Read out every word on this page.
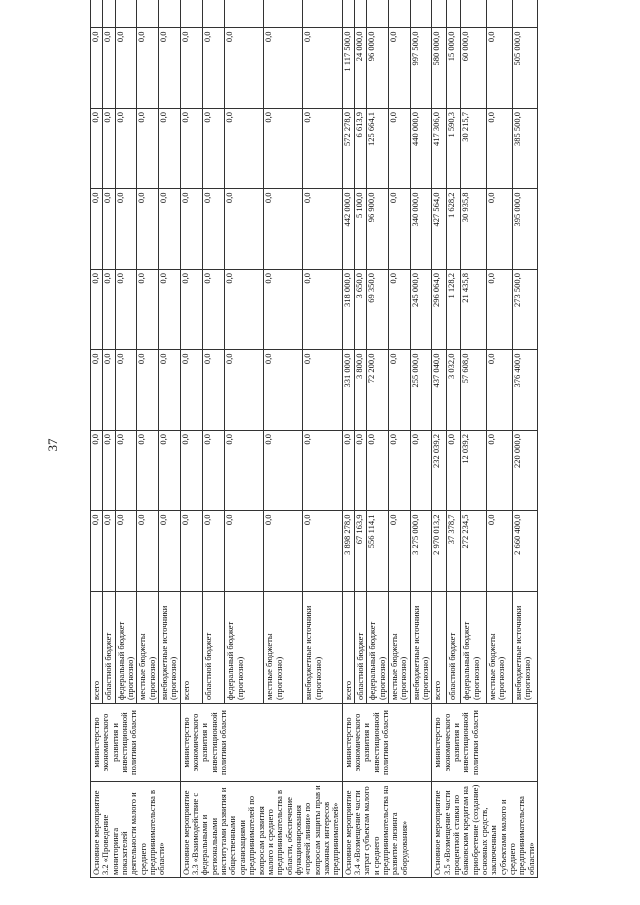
37
Основное мероприятие 3.2 «Проведение мониторинга показателей деятельности малого и среднего предпринимательства в области»	министерство экономического развития и инвестиционной политики области	всего	0,0	0,0	0,0	0,0	0,0	0,0	0,0	
		областной бюджет	0,0	0,0	0,0	0,0	0,0	0,0	0,0	
		федеральный бюджет (прогнозно)	0,0	0,0	0,0	0,0	0,0	0,0	0,0	
		местные бюджеты (прогнозно)	0,0	0,0	0,0	0,0	0,0	0,0	0,0	
		внебюджетные источники (прогнозно)	0,0	0,0	0,0	0,0	0,0	0,0	0,0	
Основное мероприятие 3.3 «Взаимодействие с федеральными и региональными институтами развития и общественными организациями предпринимателей по вопросам развития малого и среднего предпринимательства в области, обеспечение функционирования «горячей линии» по вопросам защиты прав и законных интересов предпринимателей»	министерство экономического развития и инвестиционной политики области	всего	0,0	0,0	0,0	0,0	0,0	0,0	0,0	
		областной бюджет	0,0	0,0	0,0	0,0	0,0	0,0	0,0	
		федеральный бюджет (прогнозно)	0,0	0,0	0,0	0,0	0,0	0,0	0,0	
		местные бюджеты (прогнозно)	0,0	0,0	0,0	0,0	0,0	0,0	0,0	
		внебюджетные источники (прогнозно)	0,0	0,0	0,0	0,0	0,0	0,0	0,0	
Основное мероприятие 3.4 «Возмещение части затрат субъектам малого и среднего предпринимательства на развитие лизинга оборудования»	министерство экономического развития и инвестиционной политики области	всего	3 898 278,0	0,0	331 000,0	318 000,0	442 000,0	572 278,0	1 117 500,0	
		областной бюджет	67 163,9	0,0	3 800,0	3 650,0	5 100,0	6 613,9	24 000,0	
		федеральный бюджет (прогнозно)	556 114,1	0,0	72 200,0	69 350,0	96 900,0	125 664,1	96 000,0	
		местные бюджеты (прогнозно)	0,0	0,0	0,0	0,0	0,0	0,0	0,0	
		внебюджетные источники (прогнозно)	3 275 000,0	0,0	255 000,0	245 000,0	340 000,0	440 000,0	997 500,0	
Основное мероприятие 3.5 «Возмещение части процентной ставки по банковским кредитам на приобретение (создание) основных средств, заключенным субъектами малого и среднего предпринимательства области»	министерство экономического развития и инвестиционной политики области	всего	2 970 013,2	232 039,2	437 040,0	296 064,0	427 564,0	417 306,0	580 000,0	
		областной бюджет	37 378,7	0,0	3 032,0	1 128,2	1 628,2	1 590,3	15 000,0	
		федеральный бюджет (прогнозно)	272 234,5	12 039,2	57 608,0	21 435,8	30 935,8	30 215,7	60 000,0	
		местные бюджеты (прогнозно)	0,0	0,0	0,0	0,0	0,0	0,0	0,0	
		внебюджетные источники (прогнозно)	2 660 400,0	220 000,0	376 400,0	273 500,0	395 000,0	385 500,0	505 000,0	
